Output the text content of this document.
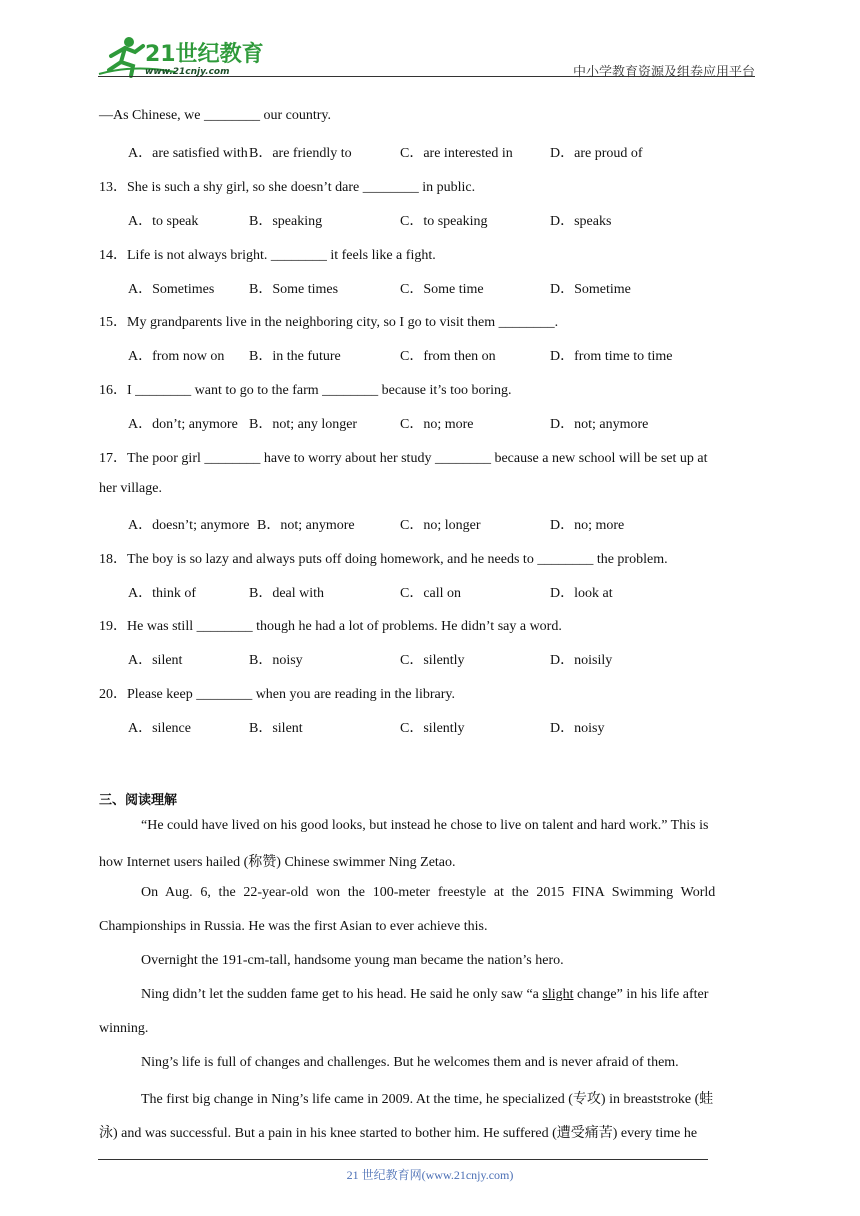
21世纪教育
www.21cnjy.com	中小学教育资源及组卷应用平台
—As Chinese, we ________ our country.
A．are satisfied with B．are friendly to	C．are interested in	D．are proud of
13．She is such a shy girl, so she doesn’t dare ________ in public.
A．to speak	B．speaking	C．to speaking	D．speaks
14．Life is not always bright. ________ it feels like a fight.
A．Sometimes B．Some times	C．Some time	D．Sometime
15．My grandparents live in the neighboring city, so I go to visit them ________.
A．from now on B．in the future	C．from then on	D．from time to time
16．I ________ want to go to the farm ________ because it’s too boring.
A．don’t; anymore B．not; any longer	C．no; more	D．not; anymore
17．The poor girl ________ have to worry about her study ________ because a new school will be set up at
her village.
A．doesn’t; anymore B．not; anymore	C．no; longer	D．no; more
18．The boy is so lazy and always puts off doing homework, and he needs to ________ the problem.
A．think of	B．deal with	C．call on	D．look at
19．He was still ________ though he had a lot of problems. He didn’t say a word.
A．silent	B．noisy	C．silently	D．noisily
20．Please keep ________ when you are reading in the library.
A．silence	B．silent	C．silently	D．noisy
三、阅读理解
“He could have lived on his good looks, but instead he chose to live on talent and hard work.” This is
how Internet users hailed (称赞) Chinese swimmer Ning Zetao.
On Aug. 6, the 22-year-old won the 100-meter freestyle at the 2015 FINA Swimming World
Championships in Russia. He was the first Asian to ever achieve this.
Overnight the 191-cm-tall, handsome young man became the nation’s hero.
Ning didn’t let the sudden fame get to his head. He said he only saw “a slight change” in his life after
winning.
Ning’s life is full of changes and challenges. But he welcomes them and is never afraid of them.
The first big change in Ning’s life came in 2009. At the time, he specialized (专攻) in breaststroke (蛙
泳) and was successful. But a pain in his knee started to bother him. He suffered (遭受痛苦) every time he
21 世纪教育网(www.21cnjy.com)
